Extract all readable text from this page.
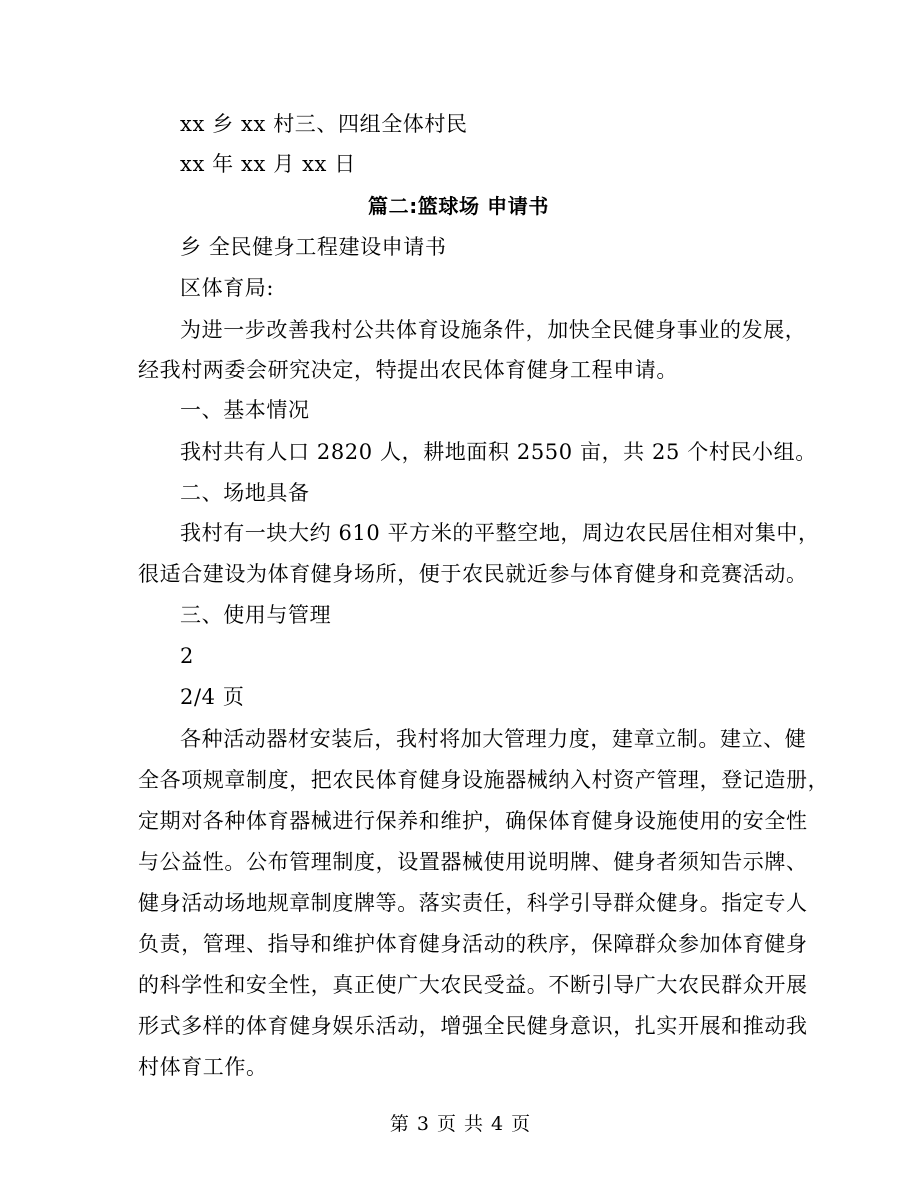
xx 乡 xx 村三、四组全体村民
xx 年 xx 月 xx 日
篇二:篮球场 申请书
乡 全民健身工程建设申请书
区体育局:
为进一步改善我村公共体育设施条件，加快全民健身事业的发展，
经我村两委会研究决定，特提出农民体育健身工程申请。
一、基本情况
我村共有人口 2820 人，耕地面积 2550 亩，共 25 个村民小组。
二、场地具备
我村有一块大约 610 平方米的平整空地，周边农民居住相对集中，
很适合建设为体育健身场所，便于农民就近参与体育健身和竞赛活动。
三、使用与管理
2
2/4 页
各种活动器材安装后，我村将加大管理力度，建章立制。建立、健
全各项规章制度，把农民体育健身设施器械纳入村资产管理，登记造册，
定期对各种体育器械进行保养和维护，确保体育健身设施使用的安全性
与公益性。公布管理制度，设置器械使用说明牌、健身者须知告示牌、
健身活动场地规章制度牌等。落实责任，科学引导群众健身。指定专人
负责，管理、指导和维护体育健身活动的秩序，保障群众参加体育健身
的科学性和安全性，真正使广大农民受益。不断引导广大农民群众开展
形式多样的体育健身娱乐活动，增强全民健身意识，扎实开展和推动我
村体育工作。
第 3 页 共 4 页
